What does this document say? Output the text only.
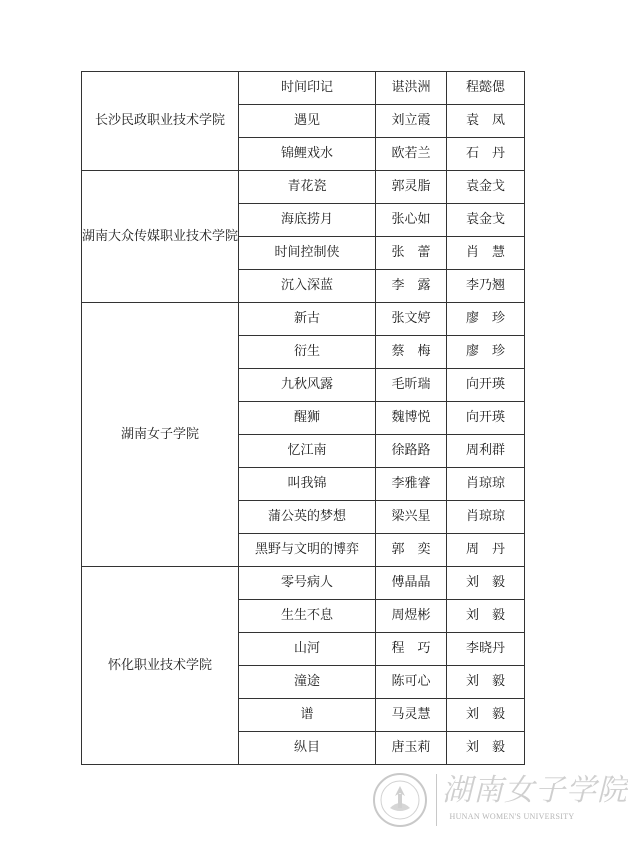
长沙民政职业技术学院	时间印记	谌洪洲	程懿偲
	遇见	刘立霞	袁　凤
	锦鲤戏水	欧若兰	石　丹
湖南大众传媒职业技术学院	青花瓷	郭灵脂	袁金戈
	海底捞月	张心如	袁金戈
	时间控制侠	张　蕾	肖　慧
	沉入深蓝	李　露	李乃翘
湖南女子学院	新古	张文婷	廖　珍
	衍生	蔡　梅	廖　珍
	九秋风露	毛昕瑞	向开瑛
	醒狮	魏博悦	向开瑛
	忆江南	徐路路	周利群
	叫我锦	李雅睿	肖琼琼
	蒲公英的梦想	梁兴星	肖琼琼
	黑野与文明的博弈	郭　奕	周　丹
怀化职业技术学院	零号病人	傅晶晶	刘　毅
	生生不息	周煜彬	刘　毅
	山河	程　巧	李晓丹
	潼途	陈可心	刘　毅
	谱	马灵慧	刘　毅
	纵目	唐玉莉	刘　毅
湖南女子学院
HUNAN WOMEN'S UNIVERSITY
